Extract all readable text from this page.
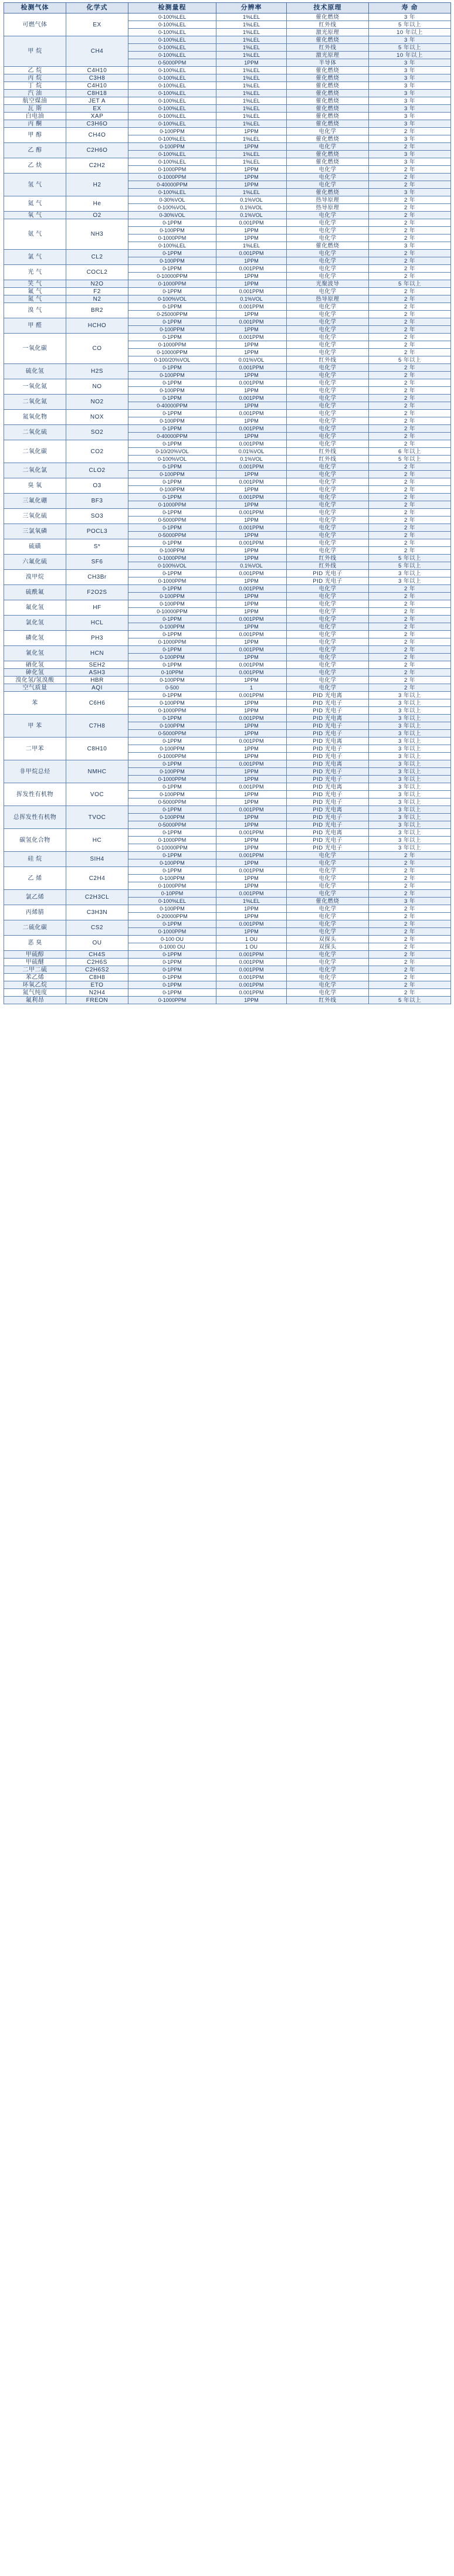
检测气体	化学式	检测量程	分辨率	技术原理	寿 命
可燃气体	EX	0-100%LEL	1%LEL	催化燃烧	3 年
		0-100%LEL	1%LEL	红外线	5 年以上
		0-100%LEL	1%LEL	激光原理	10 年以上
甲 烷	CH4	0-100%LEL	1%LEL	催化燃烧	3 年
		0-100%LEL	1%LEL	红外线	5 年以上
		0-100%LEL	1%LEL	激光原理	10 年以上
		0-5000PPM	1PPM	半导体	3 年
乙 烷	C4H10	0-100%LEL	1%LEL	催化燃烧	3 年
丙 烷	C3H8	0-100%LEL	1%LEL	催化燃烧	3 年
丁 烷	C4H10	0-100%LEL	1%LEL	催化燃烧	3 年
汽 油	C8H18	0-100%LEL	1%LEL	催化燃烧	3 年
航空煤油	JET A	0-100%LEL	1%LEL	催化燃烧	3 年
瓦 斯	EX	0-100%LEL	1%LEL	催化燃烧	3 年
白电油	XAP	0-100%LEL	1%LEL	催化燃烧	3 年
丙 酮	C3H6O	0-100%LEL	1%LEL	催化燃烧	3 年
甲 醇	CH4O	0-100PPM	1PPM	电化学	2 年
		0-100%LEL	1%LEL	催化燃烧	3 年
乙 醇	C2H6O	0-100PPM	1PPM	电化学	2 年
		0-100%LEL	1%LEL	催化燃烧	3 年
乙 炔	C2H2	0-100%LEL	1%LEL	催化燃烧	3 年
		0-1000PPM	1PPM	电化学	2 年
氢 气	H2	0-1000PPM	1PPM	电化学	2 年
		0-40000PPM	1PPM	电化学	2 年
		0-100%LEL	1%LEL	催化燃烧	3 年
氦 气	He	0-30%VOL	0.1%VOL	热导原理	2 年
		0-100%VOL	0.1%VOL	热导原理	2 年
氧 气	O2	0-30%VOL	0.1%VOL	电化学	2 年
氨 气	NH3	0-1PPM	0.001PPM	电化学	2 年
		0-100PPM	1PPM	电化学	2 年
		0-1000PPM	1PPM	电化学	2 年
		0-100%LEL	1%LEL	催化燃烧	3 年
氯 气	CL2	0-1PPM	0.001PPM	电化学	2 年
		0-100PPM	1PPM	电化学	2 年
光 气	COCL2	0-1PPM	0.001PPM	电化学	2 年
		0-10000PPM	1PPM	电化学	2 年
笑 气	N2O	0-1000PPM	1PPM	光聚波导	5 年以上
氟 气	F2	0-1PPM	0.001PPM	电化学	2 年
氮 气	N2	0-100%VOL	0.1%VOL	热导原理	2 年
溴 气	BR2	0-1PPM	0.001PPM	电化学	2 年
		0-25000PPM	1PPM	电化学	2 年
甲 醛	HCHO	0-1PPM	0.001PPM	电化学	2 年
		0-100PPM	1PPM	电化学	2 年
一氧化碳	CO	0-1PPM	0.001PPM	电化学	2 年
		0-1000PPM	1PPM	电化学	2 年
		0-10000PPM	1PPM	电化学	2 年
		0-100/20%VOL	0.01%VOL	红外线	5 年以上
硫化氢	H2S	0-1PPM	0.001PPM	电化学	2 年
		0-100PPM	1PPM	电化学	2 年
一氧化氮	NO	0-1PPM	0.001PPM	电化学	2 年
		0-100PPM	1PPM	电化学	2 年
二氧化氮	NO2	0-1PPM	0.001PPM	电化学	2 年
		0-40000PPM	1PPM	电化学	2 年
氮氧化物	NOX	0-1PPM	0.001PPM	电化学	2 年
		0-100PPM	1PPM	电化学	2 年
二氧化硫	SO2	0-1PPM	0.001PPM	电化学	2 年
		0-40000PPM	1PPM	电化学	2 年
二氧化碳	CO2	0-1PPM	0.001PPM	电化学	2 年
		0-10/20%VOL	0.01%VOL	红外线	6 年以上
		0-100%VOL	0.1%VOL	红外线	5 年以上
二氧化氯	CLO2	0-1PPM	0.001PPM	电化学	2 年
		0-100PPM	1PPM	电化学	2 年
臭 氧	O3	0-1PPM	0.001PPM	电化学	2 年
		0-100PPM	1PPM	电化学	2 年
三氟化硼	BF3	0-1PPM	0.001PPM	电化学	2 年
		0-1000PPM	1PPM	电化学	2 年
三氧化硫	SO3	0-1PPM	0.001PPM	电化学	2 年
		0-5000PPM	1PPM	电化学	2 年
三氯氧磷	POCL3	0-1PPM	0.001PPM	电化学	2 年
		0-5000PPM	1PPM	电化学	2 年
硫磺	S*	0-1PPM	0.001PPM	电化学	2 年
		0-100PPM	1PPM	电化学	2 年
六氟化硫	SF6	0-1000PPM	1PPM	红外线	5 年以上
		0-100%VOL	0.1%VOL	红外线	5 年以上
溴甲烷	CH3Br	0-1PPM	0.001PPM	PID 光电子	3 年以上
		0-1000PPM	1PPM	PID 光电子	3 年以上
硫酰氟	F2O2S	0-1PPM	0.001PPM	电化学	2 年
		0-100PPM	1PPM	电化学	2 年
氟化氢	HF	0-100PPM	1PPM	电化学	2 年
		0-10000PPM	1PPM	电化学	2 年
氯化氢	HCL	0-1PPM	0.001PPM	电化学	2 年
		0-100PPM	1PPM	电化学	2 年
磷化氢	PH3	0-1PPM	0.001PPM	电化学	2 年
		0-1000PPM	1PPM	电化学	2 年
氰化氢	HCN	0-1PPM	0.001PPM	电化学	2 年
		0-100PPM	1PPM	电化学	2 年
硒化氢	SEH2	0-1PPM	0.001PPM	电化学	2 年
砷化氢	ASH3	0-10PPM	0.001PPM	电化学	2 年
溴化氢/氢溴酸	HBR	0-100PPM	1PPM	电化学	2 年
空气质量	AQI	0-500	1	电化学	2 年
苯	C6H6	0-1PPM	0.001PPM	PID 光电离	3 年以上
		0-100PPM	1PPM	PID 光电子	3 年以上
		0-1000PPM	1PPM	PID 光电子	3 年以上
甲 苯	C7H8	0-1PPM	0.001PPM	PID 光电离	3 年以上
		0-100PPM	1PPM	PID 光电子	3 年以上
		0-5000PPM	1PPM	PID 光电子	3 年以上
二甲苯	C8H10	0-1PPM	0.001PPM	PID 光电离	3 年以上
		0-100PPM	1PPM	PID 光电子	3 年以上
		0-1000PPM	1PPM	PID 光电子	3 年以上
非甲烷总烃	NMHC	0-1PPM	0.001PPM	PID 光电离	3 年以上
		0-100PPM	1PPM	PID 光电子	3 年以上
		0-1000PPM	1PPM	PID 光电子	3 年以上
挥发性有机物	VOC	0-1PPM	0.001PPM	PID 光电离	3 年以上
		0-100PPM	1PPM	PID 光电子	3 年以上
		0-5000PPM	1PPM	PID 光电子	3 年以上
总挥发性有机物	TVOC	0-1PPM	0.001PPM	PID 光电离	3 年以上
		0-100PPM	1PPM	PID 光电子	3 年以上
		0-5000PPM	1PPM	PID 光电子	3 年以上
碳氢化合物	HC	0-1PPM	0.001PPM	PID 光电离	3 年以上
		0-1000PPM	1PPM	PID 光电子	3 年以上
		0-10000PPM	1PPM	PID 光电子	3 年以上
硅 烷	SIH4	0-1PPM	0.001PPM	电化学	2 年
		0-100PPM	1PPM	电化学	2 年
乙 烯	C2H4	0-1PPM	0.001PPM	电化学	2 年
		0-100PPM	1PPM	电化学	2 年
		0-1000PPM	1PPM	电化学	2 年
氯乙烯	C2H3CL	0-10PPM	0.001PPM	电化学	2 年
		0-100%LEL	1%LEL	催化燃烧	3 年
丙烯腈	C3H3N	0-100PPM	1PPM	电化学	2 年
		0-20000PPM	1PPM	电化学	2 年
二硫化碳	CS2	0-1PPM	0.001PPM	电化学	2 年
		0-1000PPM	1PPM	电化学	2 年
恶 臭	OU	0-100 OU	1 OU	双探头	2 年
		0-1000 OU	1 OU	双探头	2 年
甲硫醇	CH4S	0-1PPM	0.001PPM	电化学	2 年
甲硫醚	C2H6S	0-1PPM	0.001PPM	电化学	2 年
二甲二硫	C2H6S2	0-1PPM	0.001PPM	电化学	2 年
苯乙烯	C8H8	0-1PPM	0.001PPM	电化学	2 年
环氧乙烷	ETO	0-1PPM	0.001PPM	电化学	2 年
氮气纯度	N2H4	0-1PPM	0.001PPM	电化学	2 年
氟利昂	FREON	0-1000PPM	1PPM	红外线	5 年以上
